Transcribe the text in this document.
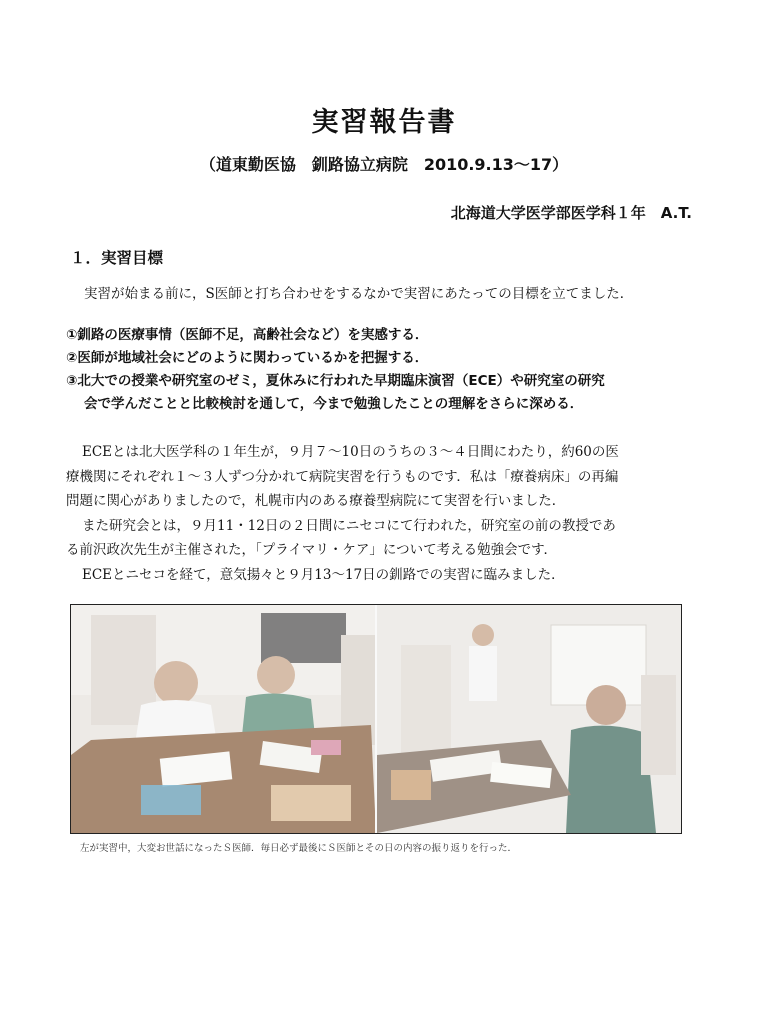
実習報告書
（道東勤医協　釧路協立病院　2010.9.13～17）
北海道大学医学部医学科１年　A.T.
１．実習目標
実習が始まる前に，S医師と打ち合わせをするなかで実習にあたっての目標を立てました．
①釧路の医療事情（医師不足，高齢社会など）を実感する．
②医師が地域社会にどのように関わっているかを把握する．
③北大での授業や研究室のゼミ，夏休みに行われた早期臨床演習（ECE）や研究室の研究
会で学んだことと比較検討を通して，今まで勉強したことの理解をさらに深める．
ECEとは北大医学科の１年生が，９月７～10日のうちの３～４日間にわたり，約60の医
療機関にそれぞれ１～３人ずつ分かれて病院実習を行うものです．私は「療養病床」の再編
問題に関心がありましたので，札幌市内のある療養型病院にて実習を行いました．
また研究会とは，９月11・12日の２日間にニセコにて行われた，研究室の前の教授であ
る前沢政次先生が主催された，「プライマリ・ケア」について考える勉強会です．
ECEとニセコを経て，意気揚々と９月13～17日の釧路での実習に臨みました．
左が実習中，大変お世話になったＳ医師．毎日必ず最後にＳ医師とその日の内容の振り返りを行った．
